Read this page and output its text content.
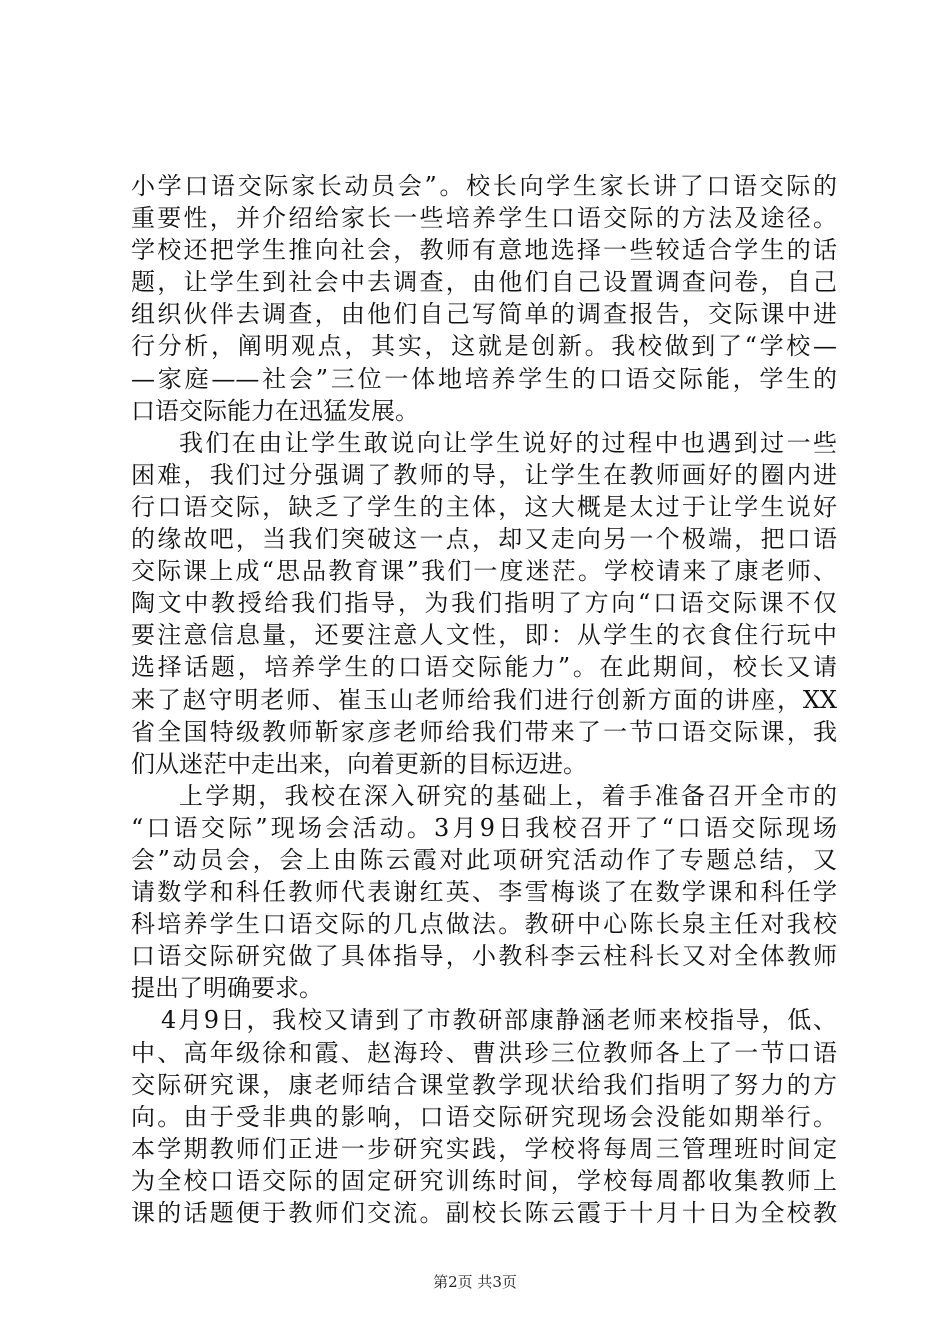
小学口语交际家长动员会”。校长向学生家长讲了口语交际的
重要性，并介绍给家长一些培养学生口语交际的方法及途径。
学校还把学生推向社会，教师有意地选择一些较适合学生的话
题，让学生到社会中去调查，由他们自己设置调查问卷，自己
组织伙伴去调查，由他们自己写简单的调查报告，交际课中进
行分析，阐明观点，其实，这就是创新。我校做到了“学校—
—家庭——社会”三位一体地培养学生的口语交际能，学生的
口语交际能力在迅猛发展。
我们在由让学生敢说向让学生说好的过程中也遇到过一些
困难，我们过分强调了教师的导，让学生在教师画好的圈内进
行口语交际，缺乏了学生的主体，这大概是太过于让学生说好
的缘故吧，当我们突破这一点，却又走向另一个极端，把口语
交际课上成“思品教育课”我们一度迷茫。学校请来了康老师、
陶文中教授给我们指导，为我们指明了方向“口语交际课不仅
要注意信息量，还要注意人文性，即：从学生的衣食住行玩中
选择话题，培养学生的口语交际能力”。在此期间，校长又请
来了赵守明老师、崔玉山老师给我们进行创新方面的讲座，XX
省全国特级教师靳家彦老师给我们带来了一节口语交际课，我
们从迷茫中走出来，向着更新的目标迈进。
上学期，我校在深入研究的基础上，着手准备召开全市的
“口语交际”现场会活动。3月9日我校召开了“口语交际现场
会”动员会，会上由陈云霞对此项研究活动作了专题总结，又
请数学和科任教师代表谢红英、李雪梅谈了在数学课和科任学
科培养学生口语交际的几点做法。教研中心陈长泉主任对我校
口语交际研究做了具体指导，小教科李云柱科长又对全体教师
提出了明确要求。
4月9日，我校又请到了市教研部康静涵老师来校指导，低、
中、高年级徐和霞、赵海玲、曹洪珍三位教师各上了一节口语
交际研究课，康老师结合课堂教学现状给我们指明了努力的方
向。由于受非典的影响，口语交际研究现场会没能如期举行。
本学期教师们正进一步研究实践，学校将每周三管理班时间定
为全校口语交际的固定研究训练时间，学校每周都收集教师上
课的话题便于教师们交流。副校长陈云霞于十月十日为全校教
第2页 共3页
